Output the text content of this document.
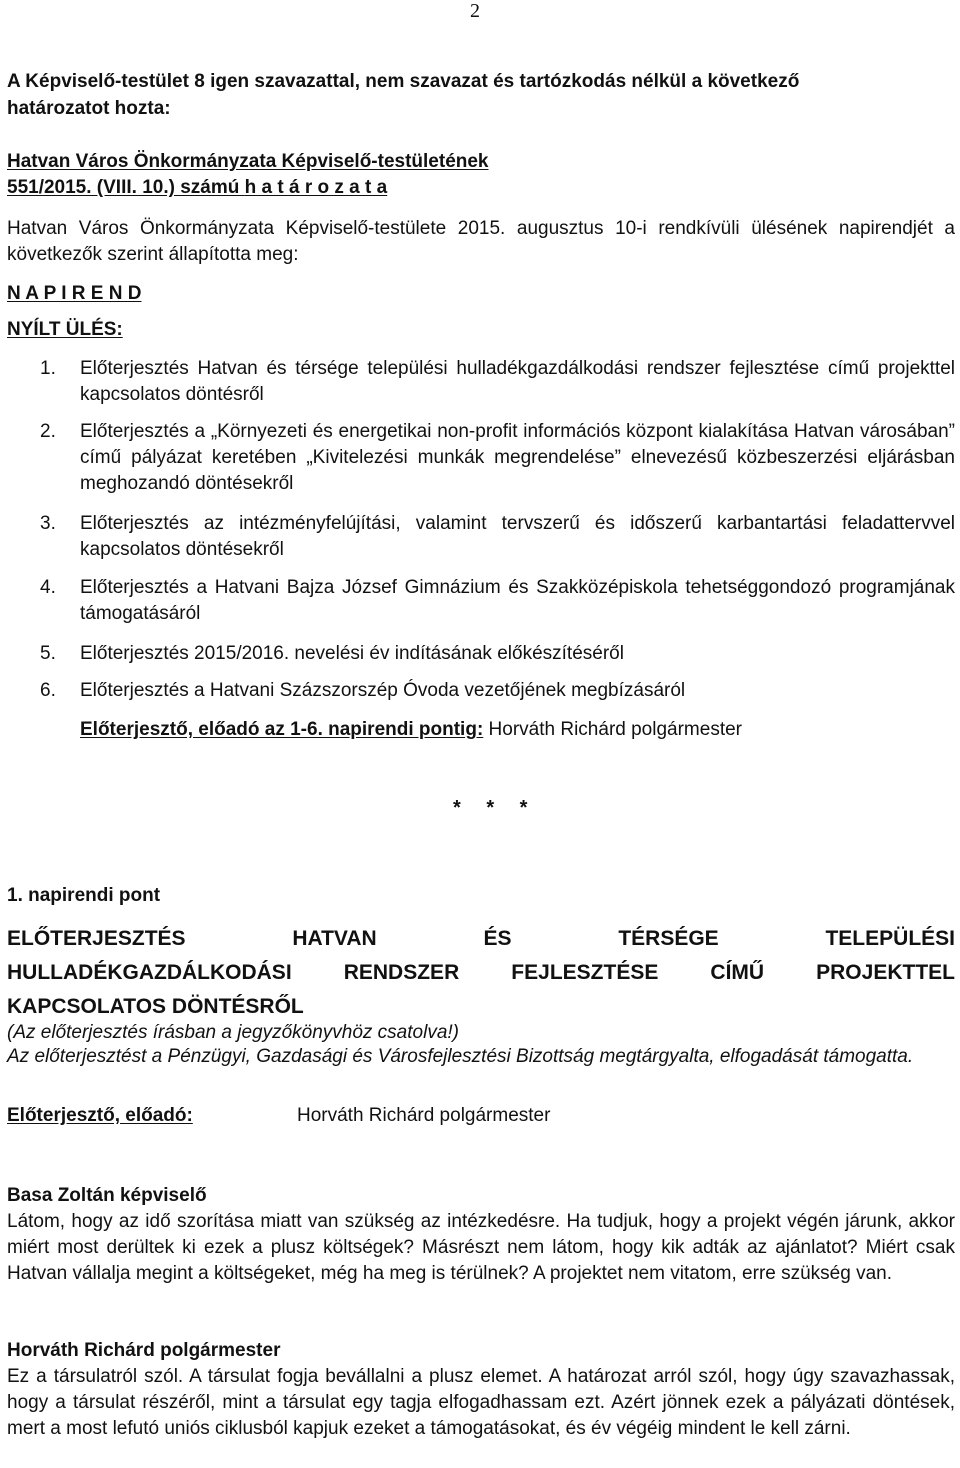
2
A Képviselő-testület 8 igen szavazattal, nem szavazat és tartózkodás nélkül a következő
határozatot hozta:
Hatvan Város Önkormányzata Képviselő-testületének
551/2015. (VIII. 10.) számú h a t á r o z a t a
Hatvan Város Önkormányzata Képviselő-testülete 2015. augusztus 10-i rendkívüli ülésének napirendjét a következők szerint állapította meg:
N A P I R E N D
NYÍLT ÜLÉS:
1. Előterjesztés Hatvan és térsége települési hulladékgazdálkodási rendszer fejlesztése című projekttel kapcsolatos döntésről
2. Előterjesztés a „Környezeti és energetikai non-profit információs központ kialakítása Hatvan városában” című pályázat keretében „Kivitelezési munkák megrendelése” elnevezésű közbeszerzési eljárásban meghozandó döntésekről
3. Előterjesztés az intézményfelújítási, valamint tervszerű és időszerű karbantartási feladattervvel kapcsolatos döntésekről
4. Előterjesztés a Hatvani Bajza József Gimnázium és Szakközépiskola tehetséggondozó programjának támogatásáról
5. Előterjesztés 2015/2016. nevelési év indításának előkészítéséről
6. Előterjesztés a Hatvani Százszorszép Óvoda vezetőjének megbízásáról
Előterjesztő, előadó az 1-6. napirendi pontig: Horváth Richárd polgármester
* * *
1. napirendi pont
ELŐTERJESZTÉS HATVAN ÉS TÉRSÉGE TELEPÜLÉSI
HULLADÉKGAZDÁLKODÁSI RENDSZER FEJLESZTÉSE CÍMŰ PROJEKTTEL
KAPCSOLATOS DÖNTÉSRŐL
(Az előterjesztés írásban a jegyzőkönyvhöz csatolva!)
Az előterjesztést a Pénzügyi, Gazdasági és Városfejlesztési Bizottság megtárgyalta, elfogadását támogatta.
Előterjesztő, előadó:	Horváth Richárd polgármester
Basa Zoltán képviselő
Látom, hogy az idő szorítása miatt van szükség az intézkedésre. Ha tudjuk, hogy a projekt végén járunk, akkor miért most derültek ki ezek a plusz költségek? Másrészt nem látom, hogy kik adták az ajánlatot? Miért csak Hatvan vállalja megint a költségeket, még ha meg is térülnek? A projektet nem vitatom, erre szükség van.
Horváth Richárd polgármester
Ez a társulatról szól. A társulat fogja bevállalni a plusz elemet. A határozat arról szól, hogy úgy szavazhassak, hogy a társulat részéről, mint a társulat egy tagja elfogadhassam ezt. Azért jönnek ezek a pályázati döntések, mert a most lefutó uniós ciklusból kapjuk ezeket a támogatásokat, és év végéig mindent le kell zárni.
